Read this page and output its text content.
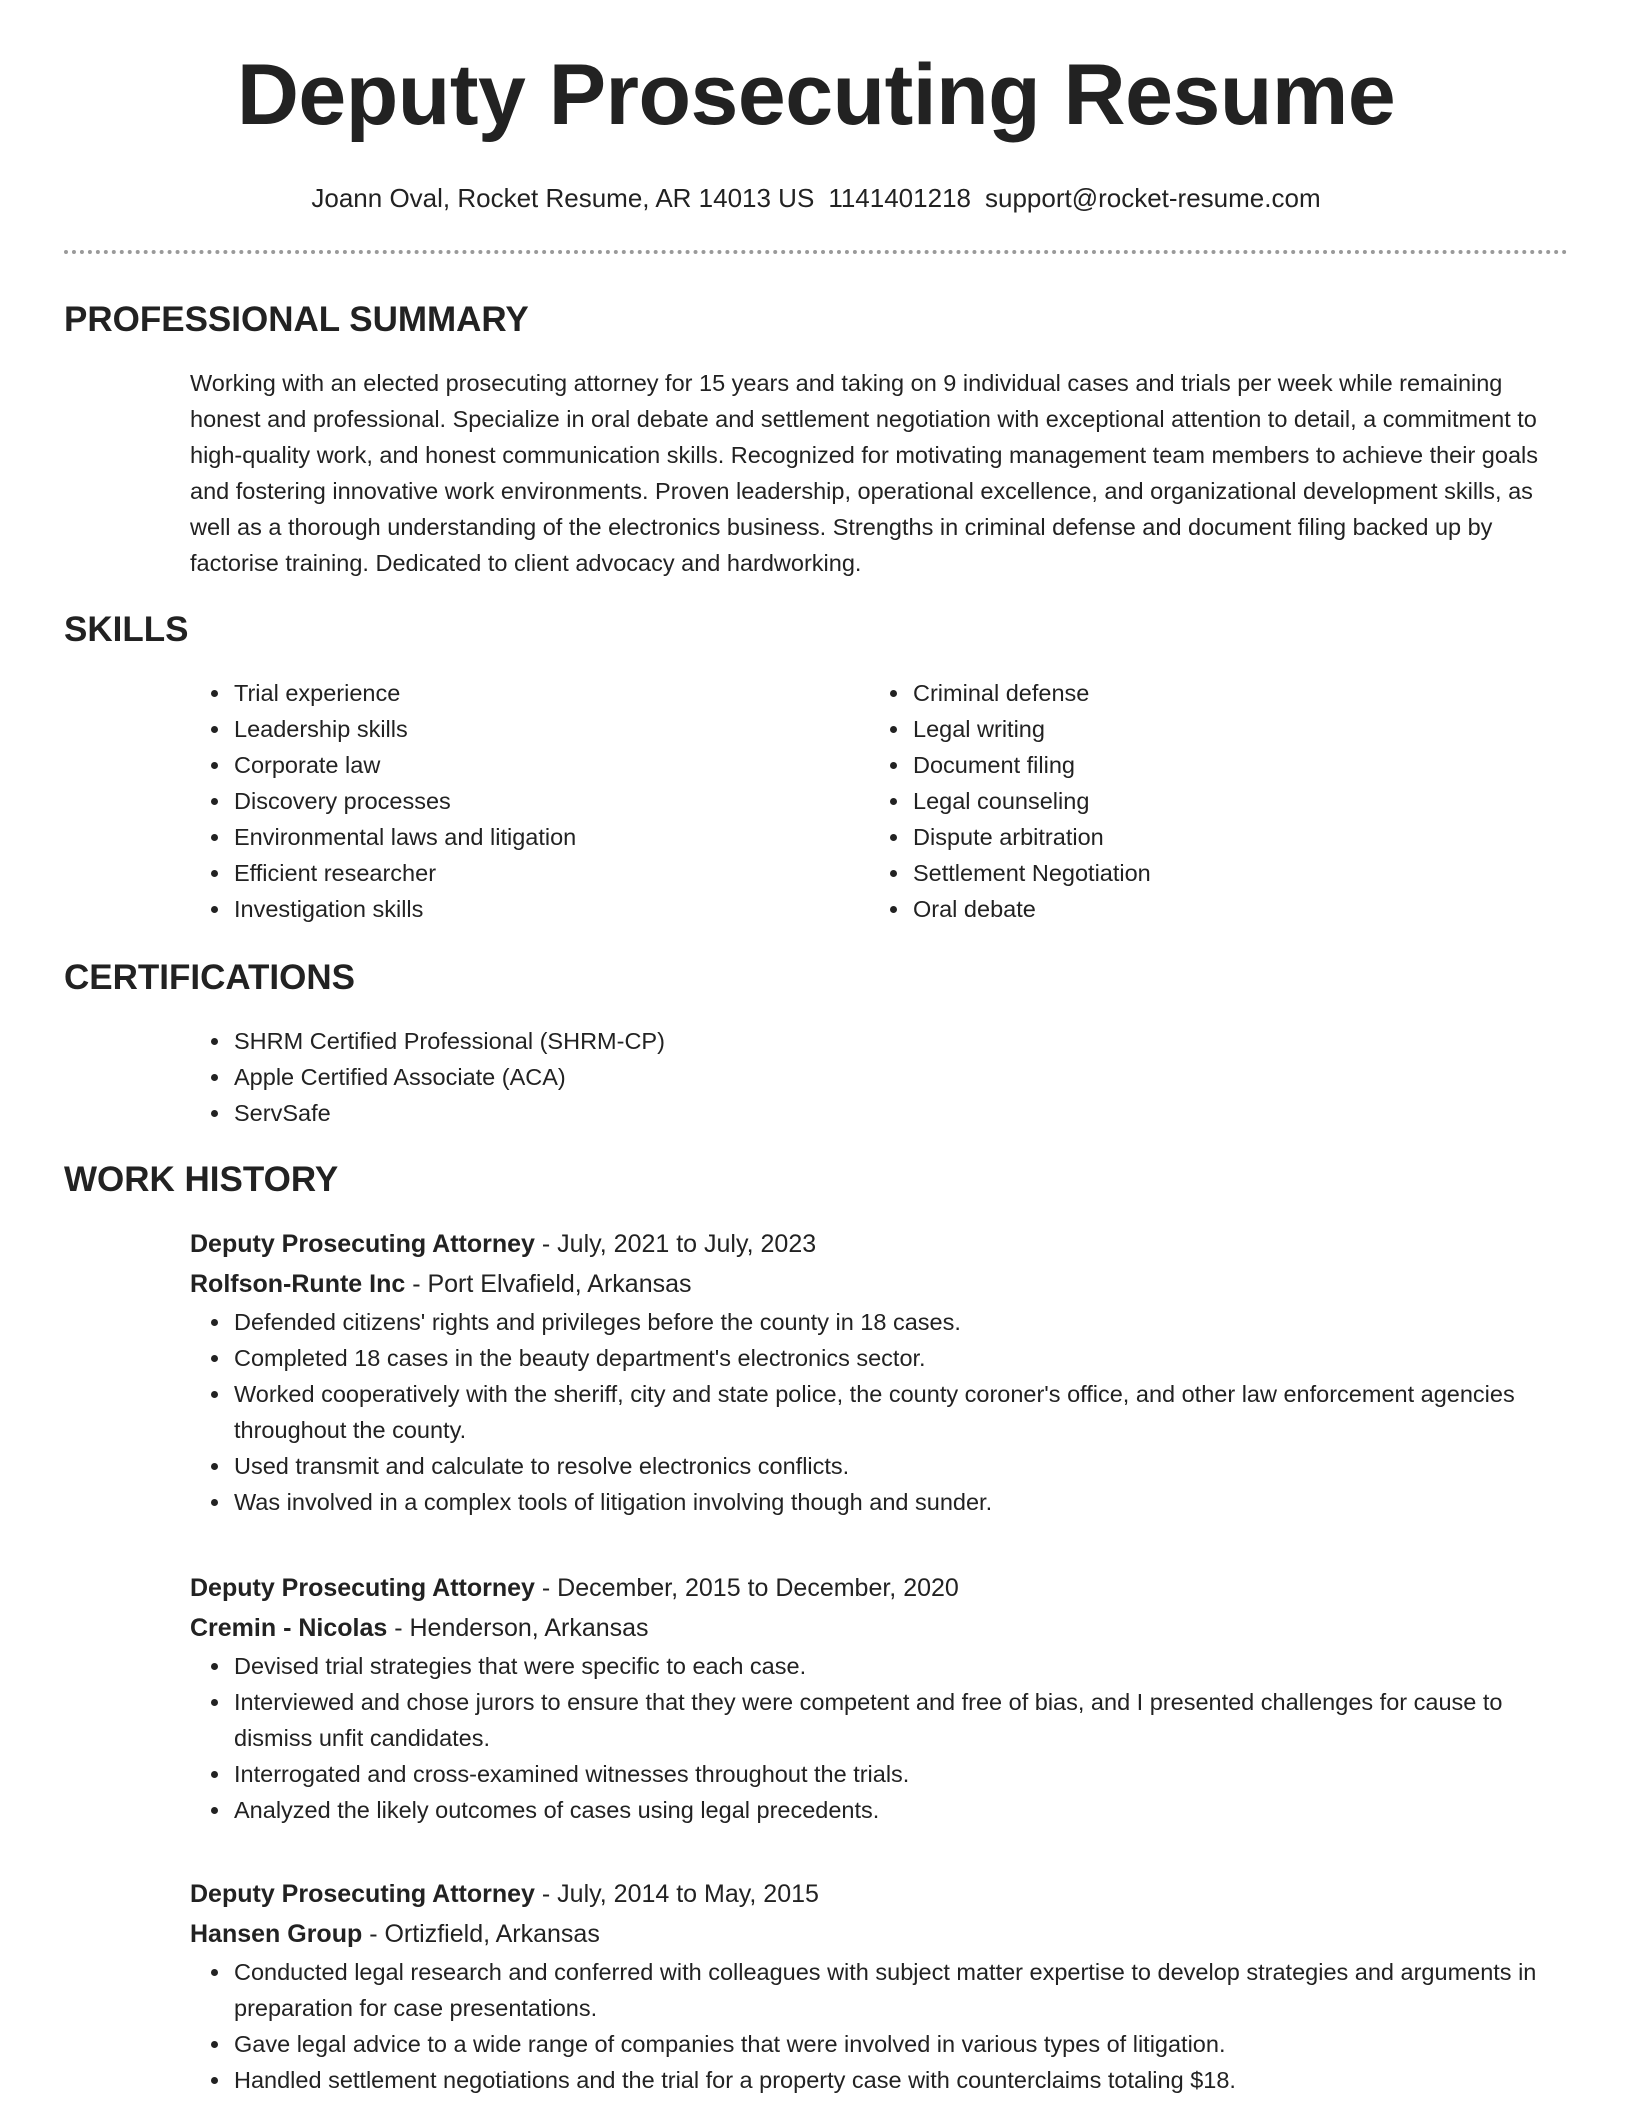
Deputy Prosecuting Resume
Joann Oval, Rocket Resume, AR 14013 US 1141401218 support@rocket-resume.com
PROFESSIONAL SUMMARY

Working with an elected prosecuting attorney for 15 years and taking on 9 individual cases and trials per week while remaining honest and professional. Specialize in oral debate and settlement negotiation with exceptional attention to detail, a commitment to high-quality work, and honest communication skills. Recognized for motivating management team members to achieve their goals and fostering innovative work environments. Proven leadership, operational excellence, and organizational development skills, as well as a thorough understanding of the electronics business. Strengths in criminal defense and document filing backed up by factorise training. Dedicated to client advocacy and hardworking.

SKILLS
• Trial experience
• Leadership skills
• Corporate law
• Discovery processes
• Environmental laws and litigation
• Efficient researcher
• Investigation skills
• Criminal defense
• Legal writing
• Document filing
• Legal counseling
• Dispute arbitration
• Settlement Negotiation
• Oral debate
CERTIFICATIONS
• SHRM Certified Professional (SHRM-CP)
• Apple Certified Associate (ACA)
• ServSafe
WORK HISTORY

Deputy Prosecuting Attorney - July, 2021 to July, 2023

Rolfson-Runte Inc - Port Elvafield, Arkansas

• Defended citizens' rights and privileges before the county in 18 cases.
• Completed 18 cases in the beauty department's electronics sector.
• Worked cooperatively with the sheriff, city and state police, the county coroner's office, and other law enforcement agencies throughout the county.
• Used transmit and calculate to resolve electronics conflicts.
• Was involved in a complex tools of litigation involving though and sunder.

Deputy Prosecuting Attorney - December, 2015 to December, 2020

Cremin - Nicolas - Henderson, Arkansas

• Devised trial strategies that were specific to each case.
• Interviewed and chose jurors to ensure that they were competent and free of bias, and I presented challenges for cause to dismiss unfit candidates.
• Interrogated and cross-examined witnesses throughout the trials.
• Analyzed the likely outcomes of cases using legal precedents.

Deputy Prosecuting Attorney - July, 2014 to May, 2015

Hansen Group - Ortizfield, Arkansas

• Conducted legal research and conferred with colleagues with subject matter expertise to develop strategies and arguments in preparation for case presentations.
• Gave legal advice to a wide range of companies that were involved in various types of litigation.
• Handled settlement negotiations and the trial for a property case with counterclaims totaling $18.
